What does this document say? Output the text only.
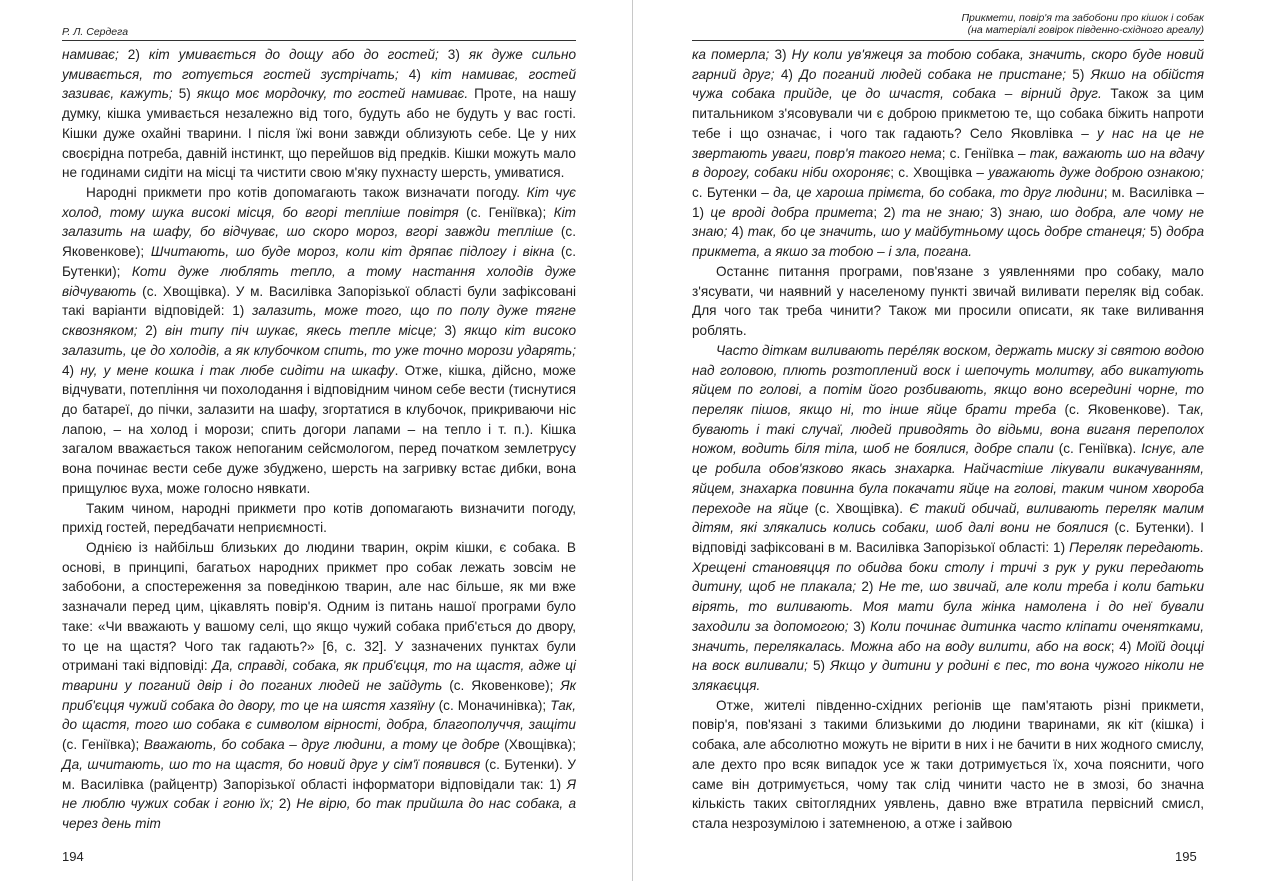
Р. Л. Сердега

намиває; 2) кіт умивається до дощу або до гостей; 3) як дуже сильно умивається, то готується гостей зустрічать; 4) кіт намиває, гостей зазиває, кажуть; 5) якщо моє мордочку, то гостей намиває. Проте, на нашу думку, кішка умивається незалежно від того, будуть або не будуть у вас гості. Кішки дуже охайні тварини. І після їжі вони завжди облизують себе. Це у них своєрідна потреба, давній інстинкт, що перейшов від предків. Кішки можуть мало не годинами сидіти на місці та чистити свою м'яку пухнасту шерсть, умиватися.

Народні прикмети про котів допомагають також визначати погоду. Кіт чує холод, тому шука високі місця, бо вгорі тепліше повітря (с. Геніївка); Кіт залазить на шафу, бо відчуває, шо скоро мороз, вгорі завжди тепліше (с. Яковенкове); Шчитають, шо буде мороз, коли кіт дряпає підлогу і вікна (с. Бутенки); Коти дуже люблять тепло, а тому настання холодів дуже відчувають (с. Хвощівка). У м. Василівка Запорізької області були зафіксовані такі варіанти відповідей: 1) залазить, може того, що по полу дуже тягне сквозняком; 2) він типу піч шукає, якесь тепле місце; 3) якщо кіт високо залазить, це до холодів, а як клубочком спить, то уже точно морози ударять; 4) ну, у мене кошка і так любе сидіти на шкафу. Отже, кішка, дійсно, може відчувати, потепління чи похолодання і відповідним чином себе вести (тиснутися до батареї, до пічки, залазити на шафу, згортатися в клубочок, прикриваючи ніс лапою, – на холод і морози; спить догори лапами – на тепло і т. п.). Кішка загалом вважається також непоганим сейсмологом, перед початком землетрусу вона починає вести себе дуже збуджено, шерсть на загривку встає дибки, вона прищулює вуха, може голосно нявкати.

Таким чином, народні прикмети про котів допомагають визначити погоду, прихід гостей, передбачати неприємності.

Однією із найбільш близьких до людини тварин, окрім кішки, є собака. В основі, в принципі, багатьох народних прикмет про собак лежать зовсім не забобони, а спостереження за поведінкою тварин, але нас більше, як ми вже зазначали перед цим, цікавлять повір'я. Одним із питань нашої програми було таке: «Чи вважають у вашому селі, що якщо чужий собака приб'ється до двору, то це на щастя? Чого так гадають?» [6, с. 32]. У зазначених пунктах були отримані такі відповіді: Да, справді, собака, як приб'єцця, то на щастя, адже ці тварини у поганий двір і до поганих людей не зайдуть (с. Яковенкове); Як приб'єцця чужий собака до двору, то це на шястя хазяїну (с. Моначинівка); Так, до щастя, того шо собака є символом вірності, добра, благополуччя, защіти (с. Геніївка); Вважають, бо собака – друг людини, а тому це добре (Хвощівка); Да, шчитають, шо то на щастя, бо новий друг у сім'ї появився (с. Бутенки). У м. Василівка (райцентр) Запорізької області інформатори відповідали так: 1) Я не люблю чужих собак і гоню їх; 2) Не вірю, бо так прийшла до нас собака, а через день тіт

194
Прикмети, повір'я та забобони про кішок і собак
(на матеріалі говірок південно-східного ареалу)

ка померла; 3) Ну коли ув'яжеця за тобою собака, значить, скоро буде новий гарний друг; 4) До поганий людей собака не пристане; 5) Якшо на обійстя чужа собака прийде, це до шчастя, собака – вірний друг. Також за цим питальником з'ясовували чи є доброю прикметою те, що собака біжить напроти тебе і що означає, і чого так гадають? Село Яковлівка – у нас на це не звертають уваги, повр'я такого нема; с. Геніївка – так, важають шо на вдачу в дорогу, собаки ніби охороняє; с. Хвощівка – уважають дуже доброю ознакою; с. Бутенки – да, це хароша прімєта, бо собака, то друг людини; м. Василівка – 1) це вроді добра примета; 2) та не знаю; 3) знаю, шо добра, але чому не знаю; 4) так, бо це значить, шо у майбутньому щось добре станеця; 5) добра прикмета, а якшо за тобою – і зла, погана.

Останнє питання програми, пов'язане з уявленнями про собаку, мало з'ясувати, чи наявний у населеному пункті звичай виливати переляк від собак. Для чого так треба чинити? Також ми просили описати, як таке виливання роблять.

Часто діткам виливають пере́ляк воском, держать миску зі святою водою над головою, плють розтоплений воск і шепочуть молитву, або викатують яйцем по голові, а потім його розбивають, якщо воно всередині чорне, то переляк пішов, якщо ні, то інше яйце брати треба (с. Яковенкове). Так, бувають і такі случаї, людей приводять до відьми, вона виганя переполох ножом, водить біля тіла, шоб не боялися, добре спали (с. Геніївка). Існує, але це робила обов'язково якась знахарка. Найчастіше лікували викачуванням, яйцем, знахарка повинна була покачати яйце на голові, таким чином хвороба переходе на яйце (с. Хвощівка). Є такий обичай, виливають переляк малим дітям, які злякались колись собаки, шоб далі вони не боялися (с. Бутенки). І відповіді зафіксовані в м. Василівка Запорізької області: 1) Переляк передають. Хрещені становяцця по обидва боки столу і тричі з рук у руки передають дитину, щоб не плакала; 2) Не те, шо звичай, але коли треба і коли батьки вірять, то виливають. Моя мати була жінка намолена і до неї бували заходили за допомогою; 3) Коли починає дитинка часто кліпати оченятками, значить, перелякалась. Можна або на воду вилити, або на воск; 4) Моїй доцці на воск виливали; 5) Якщо у дитини у родині є пес, то вона чужого ніколи не злякаєцця.

Отже, жителі південно-східних регіонів ще пам'ятають різні прикмети, повір'я, пов'язані з такими близькими до людини тваринами, як кіт (кішка) і собака, але абсолютно можуть не вірити в них і не бачити в них жодного смислу, але дехто про всяк випадок усе ж таки дотримується їх, хоча пояснити, чого саме він дотримується, чому так слід чинити часто не в змозі, бо значна кількість таких світоглядних уявлень, давно вже втратила первісний смисл, стала незрозумілою і затемненою, а отже і зайвою

195
